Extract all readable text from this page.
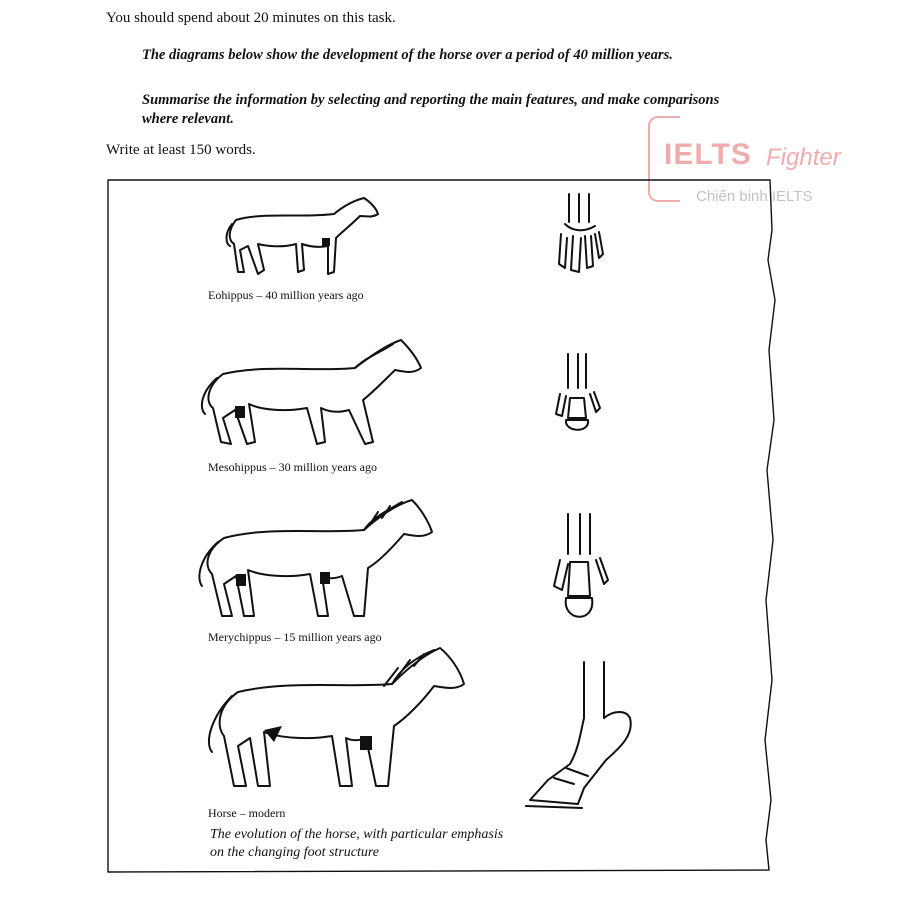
You should spend about 20 minutes on this task.
The diagrams below show the development of the horse over a period of 40 million years.
Summarise the information by selecting and reporting the main features, and make comparisons where relevant.
Write at least 150 words.	IELTS Fighter
Chiến binh IELTS
Eohippus – 40 million years ago
Mesohippus – 30 million years ago
Merychippus – 15 million years ago
Horse – modern
The evolution of the horse, with particular emphasis
on the changing foot structure
